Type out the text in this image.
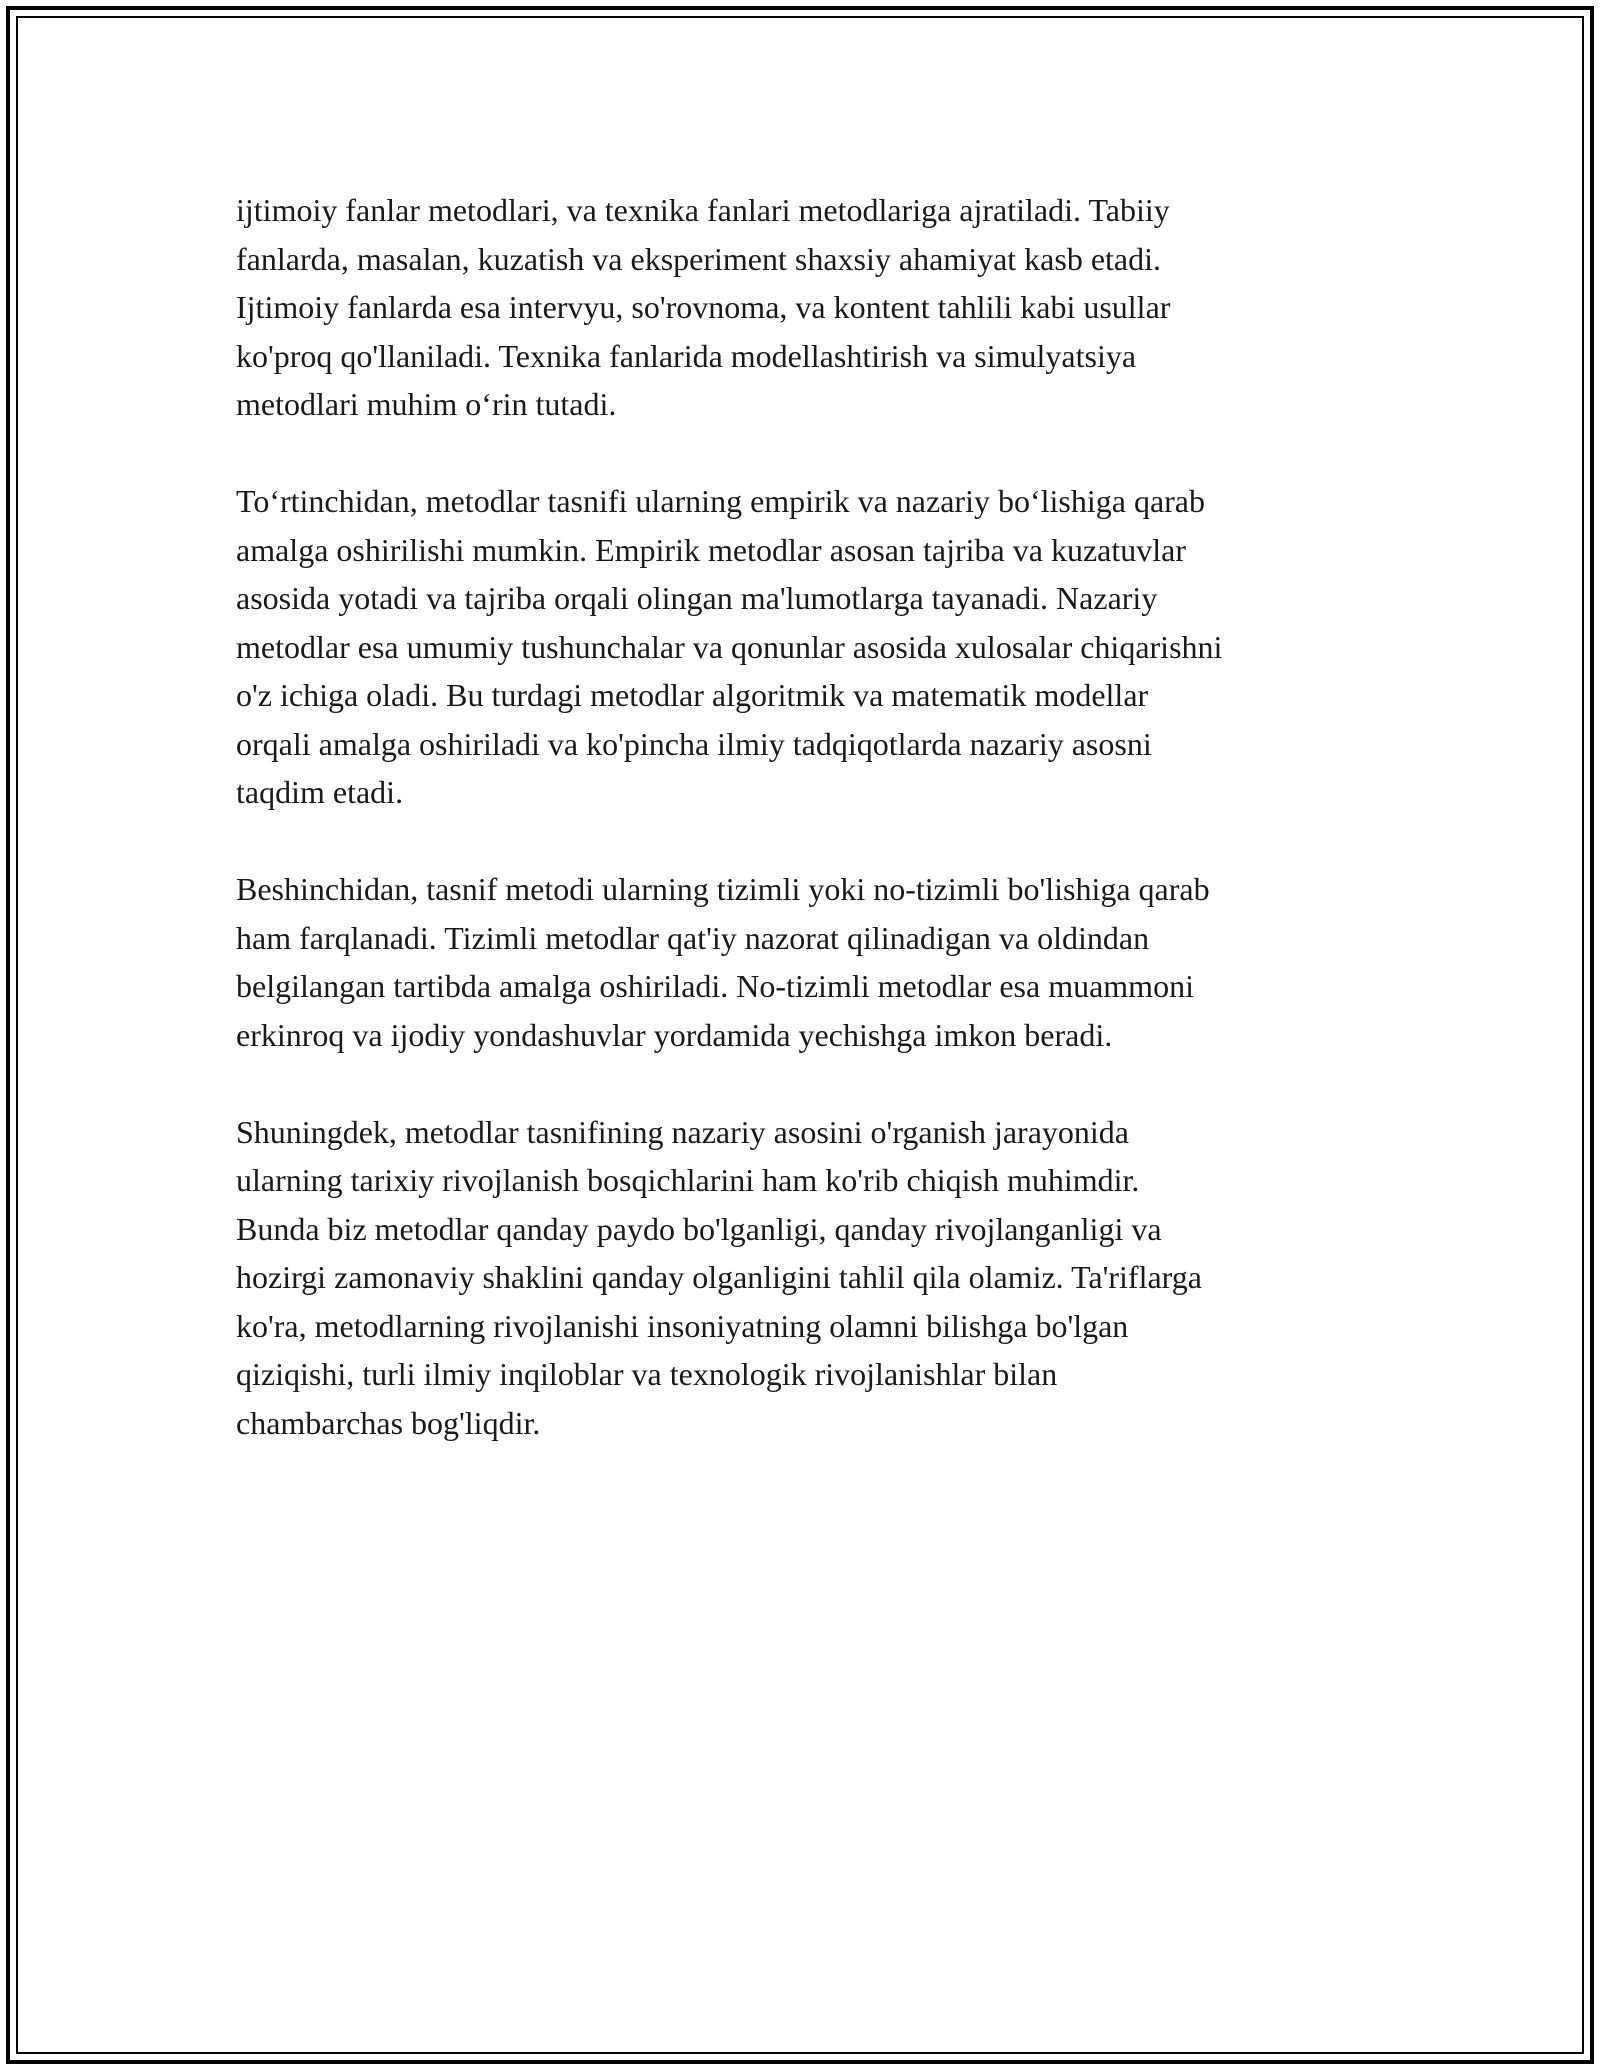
ijtimoiy fanlar metodlari, va texnika fanlari metodlariga ajratiladi. Tabiiy
fanlarda, masalan, kuzatish va eksperiment shaxsiy ahamiyat kasb etadi.
Ijtimoiy fanlarda esa intervyu, so'rovnoma, va kontent tahlili kabi usullar
ko'proq qo'llaniladi. Texnika fanlarida modellashtirish va simulyatsiya
metodlari muhim oʻrin tutadi.

Toʻrtinchidan, metodlar tasnifi ularning empirik va nazariy boʻlishiga qarab
amalga oshirilishi mumkin. Empirik metodlar asosan tajriba va kuzatuvlar
asosida yotadi va tajriba orqali olingan ma'lumotlarga tayanadi. Nazariy
metodlar esa umumiy tushunchalar va qonunlar asosida xulosalar chiqarishni
o'z ichiga oladi. Bu turdagi metodlar algoritmik va matematik modellar
orqali amalga oshiriladi va ko'pincha ilmiy tadqiqotlarda nazariy asosni
taqdim etadi.

Beshinchidan, tasnif metodi ularning tizimli yoki no-tizimli bo'lishiga qarab
ham farqlanadi. Tizimli metodlar qat'iy nazorat qilinadigan va oldindan
belgilangan tartibda amalga oshiriladi. No-tizimli metodlar esa muammoni
erkinroq va ijodiy yondashuvlar yordamida yechishga imkon beradi.

Shuningdek, metodlar tasnifining nazariy asosini o'rganish jarayonida
ularning tarixiy rivojlanish bosqichlarini ham ko'rib chiqish muhimdir.
Bunda biz metodlar qanday paydo bo'lganligi, qanday rivojlanganligi va
hozirgi zamonaviy shaklini qanday olganligini tahlil qila olamiz. Ta'riflarga
ko'ra, metodlarning rivojlanishi insoniyatning olamni bilishga bo'lgan
qiziqishi, turli ilmiy inqiloblar va texnologik rivojlanishlar bilan
chambarchas bog'liqdir.
